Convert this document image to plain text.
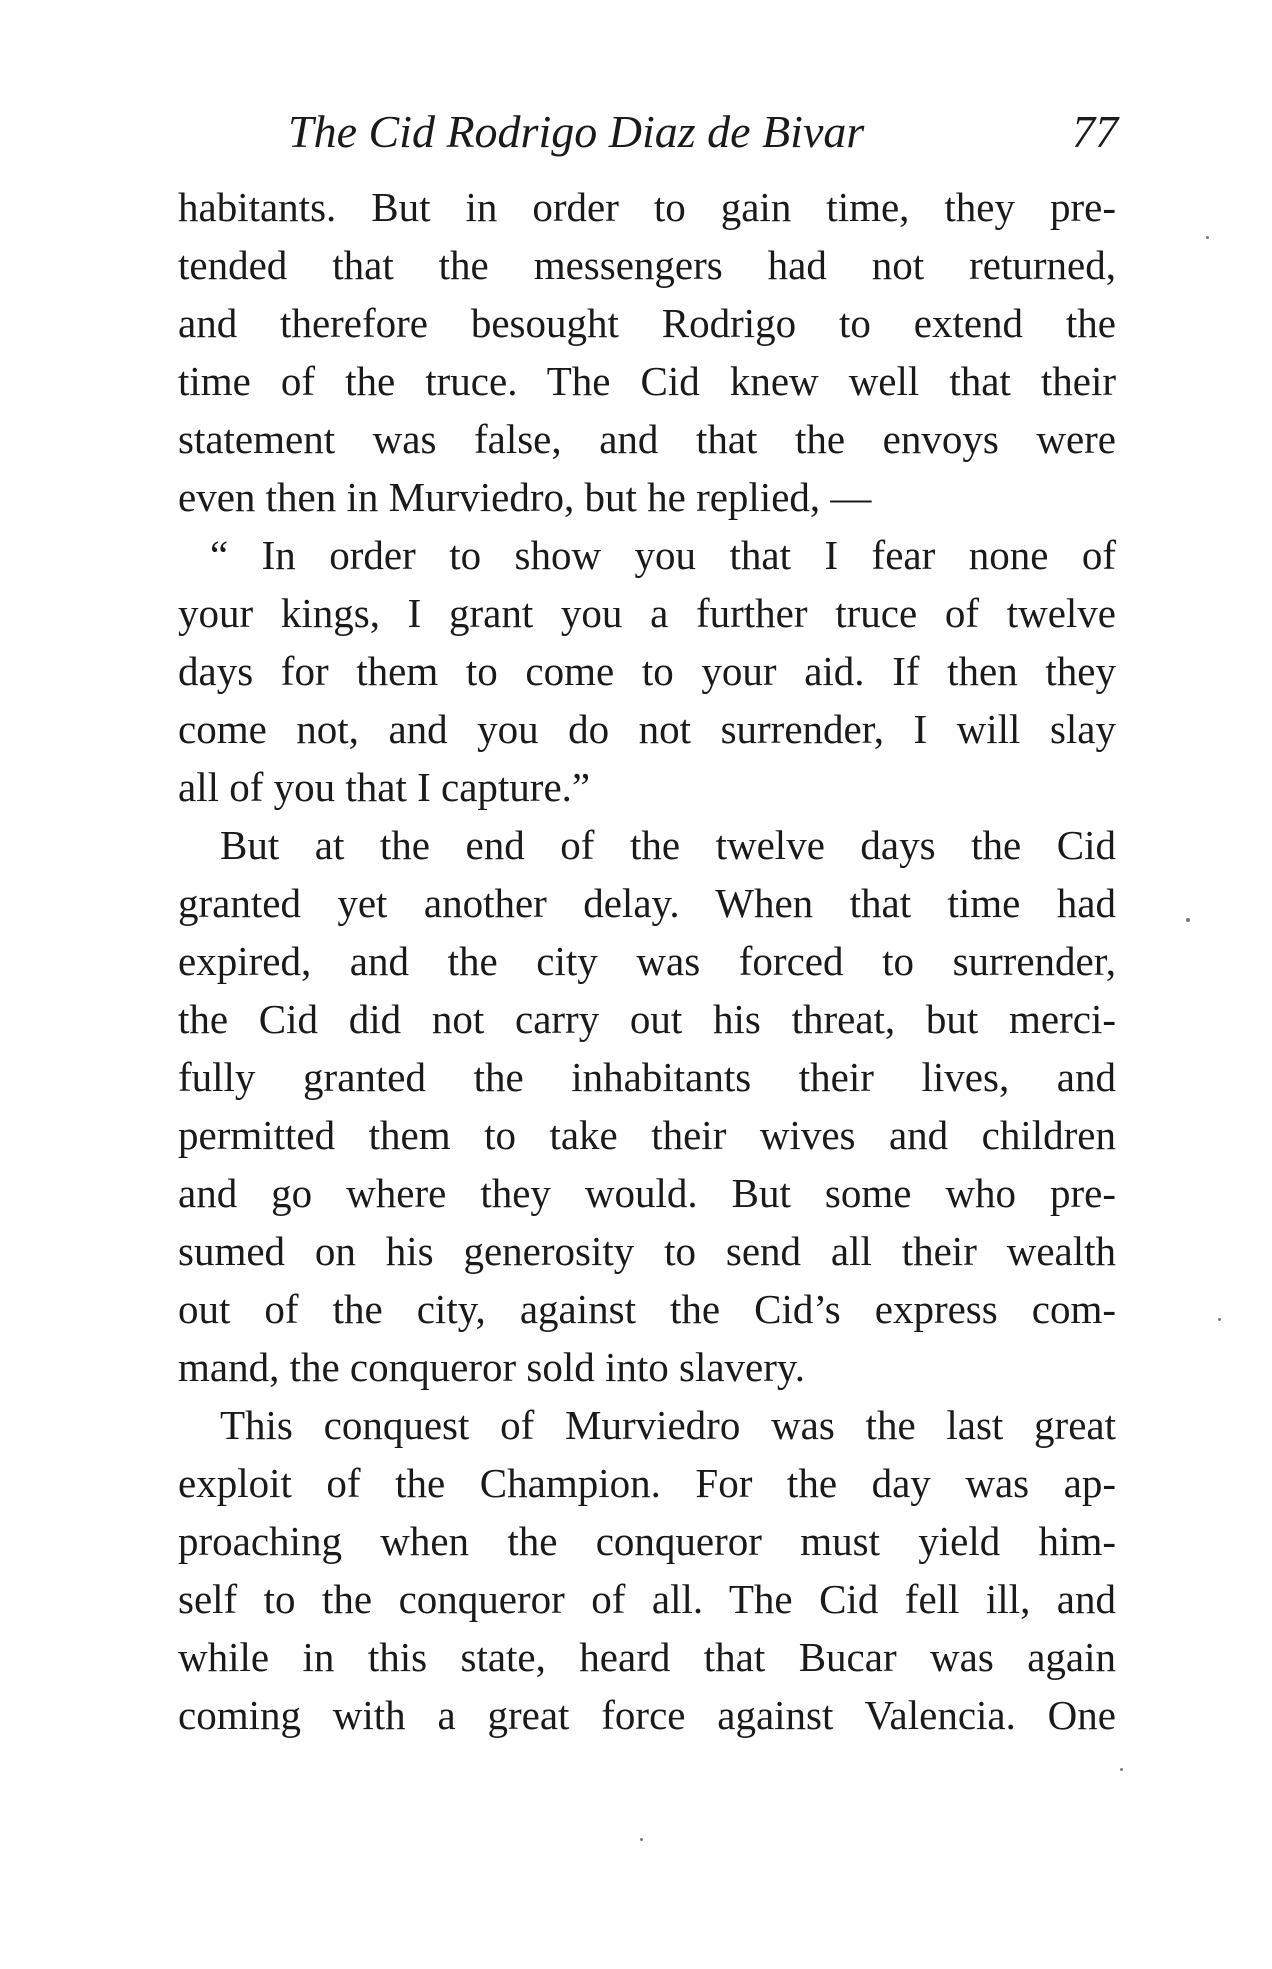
The Cid Rodrigo Diaz de Bivar	77
habitants. But in order to gain time, they pre-
tended that the messengers had not returned,
and therefore besought Rodrigo to extend the
time of the truce. The Cid knew well that their
statement was false, and that the envoys were
even then in Murviedro, but he replied, —
“ In order to show you that I fear none of
your kings, I grant you a further truce of twelve
days for them to come to your aid. If then they
come not, and you do not surrender, I will slay
all of you that I capture.”
But at the end of the twelve days the Cid
granted yet another delay. When that time had
expired, and the city was forced to surrender,
the Cid did not carry out his threat, but merci-
fully granted the inhabitants their lives, and
permitted them to take their wives and children
and go where they would. But some who pre-
sumed on his generosity to send all their wealth
out of the city, against the Cid’s express com-
mand, the conqueror sold into slavery.
This conquest of Murviedro was the last great
exploit of the Champion. For the day was ap-
proaching when the conqueror must yield him-
self to the conqueror of all. The Cid fell ill, and
while in this state, heard that Bucar was again
coming with a great force against Valencia. One
